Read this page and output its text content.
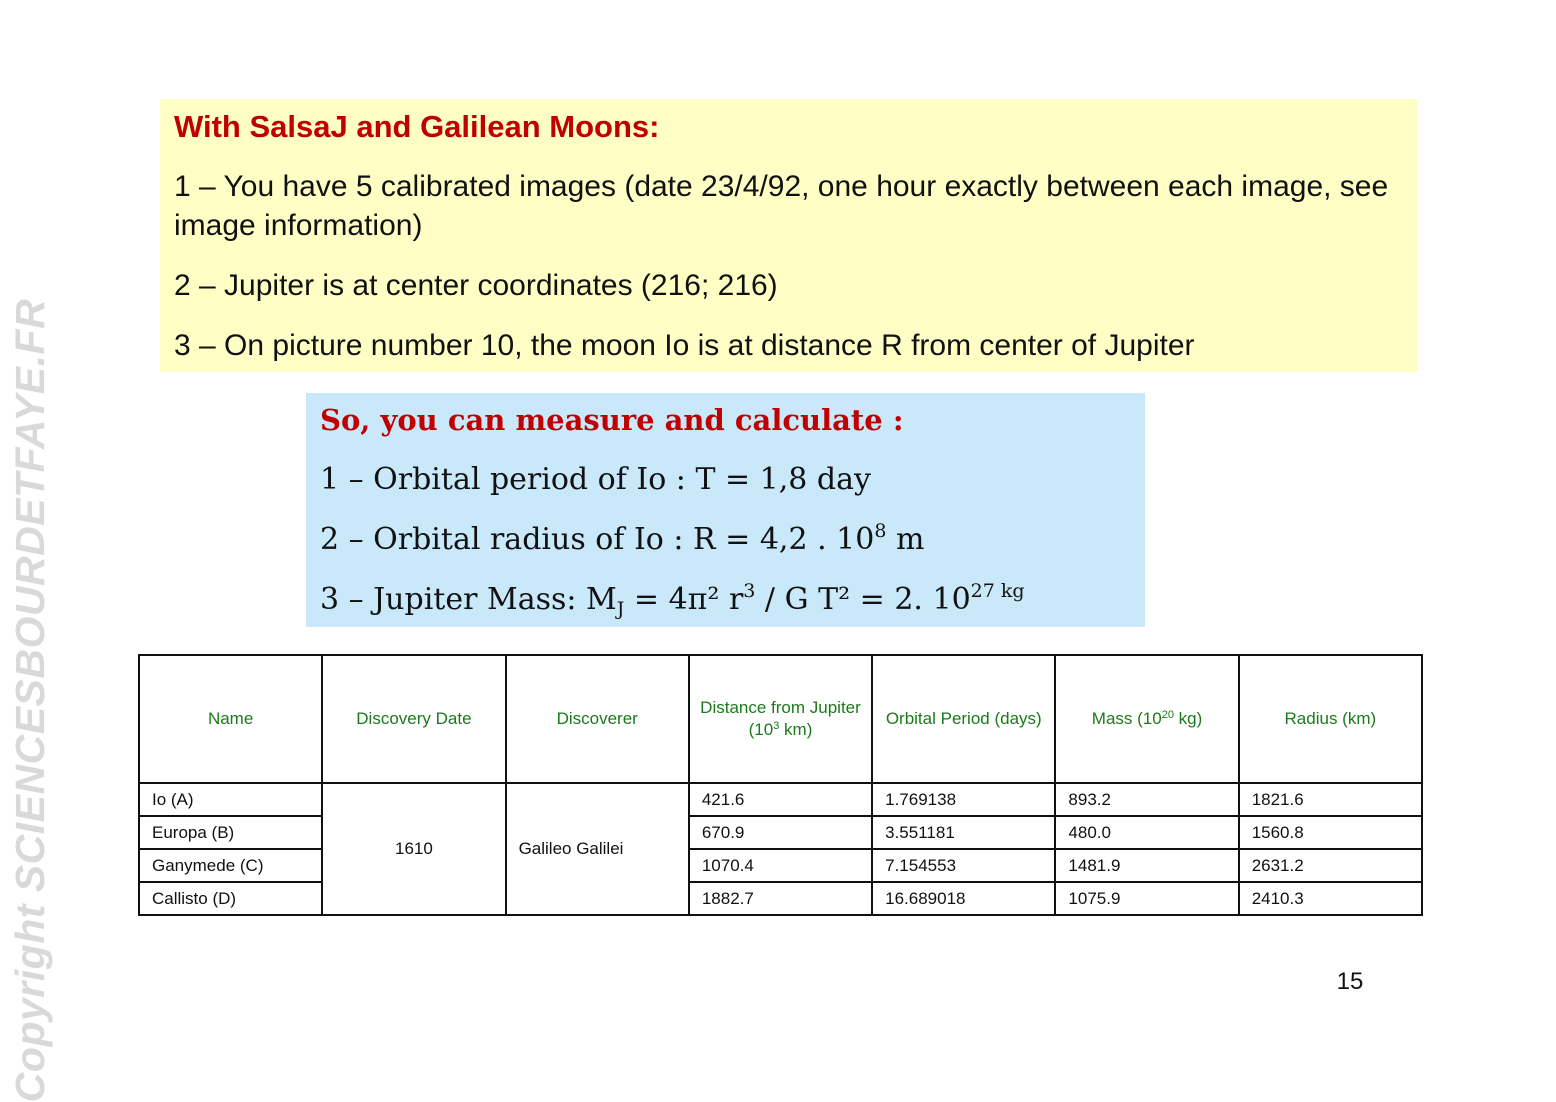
Copyright SCIENCESBOURDETFAYE.FR
With SalsaJ and Galilean Moons:
1 – You have 5 calibrated images (date 23/4/92, one hour exactly between each image, see image information)
2 – Jupiter is at center coordinates (216; 216)
3 – On picture number 10, the moon Io is at distance R from center of Jupiter
So, you can measure and calculate :
1 – Orbital period of Io : T = 1,8 day
2 – Orbital radius of Io : R = 4,2 . $10^8$ m
3 – Jupiter Mass: $M_J = 4\pi^2$ $r^3$ / G T² = 2. $10^{27 kg}$
Name	Discovery Date	Discoverer	Distance from Jupiter ($10^3$ km)	Orbital Period (days)	Mass ($10^{20}$ kg)	Radius (km)
Io (A)	1610	Galileo Galilei	421.6	1.769138	893.2	1821.6
Europa (B)			670.9	3.551181	480.0	1560.8
Ganymede (C)			1070.4	7.154553	1481.9	2631.2
Callisto (D)			1882.7	16.689018	1075.9	2410.3
15
